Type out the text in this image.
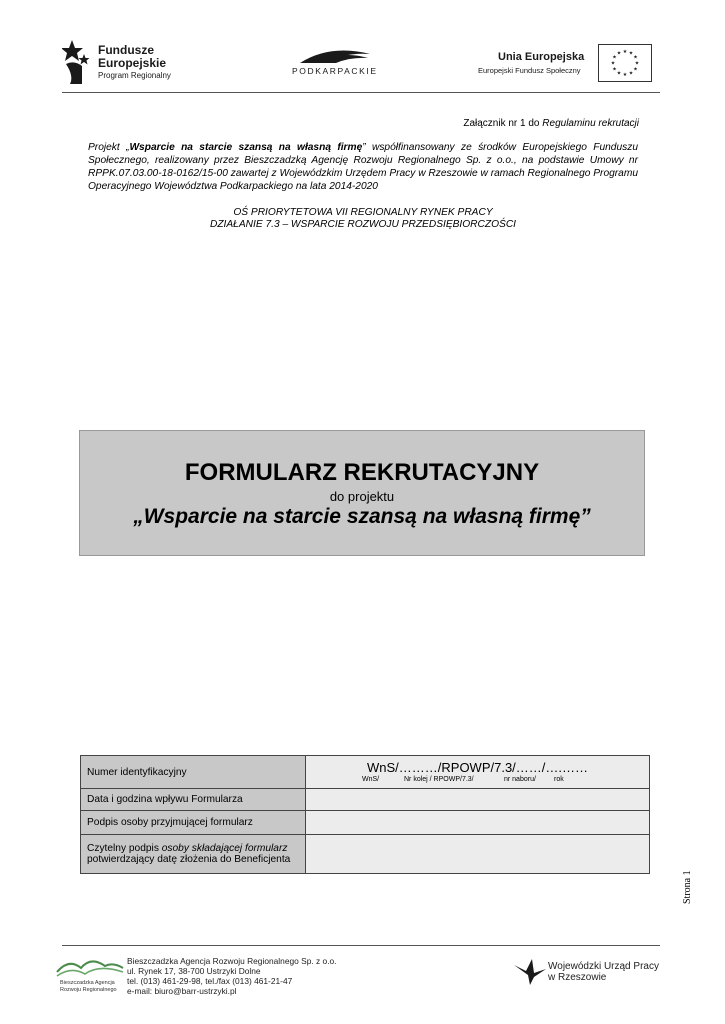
Fundusze
Europejskie
Program Regionalny	PODKARPACKIE
Unia Europejska
Europejski Fundusz Społeczny
★ ★
★
★
★
★
★
★
★
★
★
★
Załącznik nr 1 do Regulaminu rekrutacji
Projekt „Wsparcie na starcie szansą na własną firmę” współfinansowany ze środków Europejskiego Funduszu Społecznego, realizowany przez Bieszczadzką Agencję Rozwoju Regionalnego Sp. z o.o., na podstawie Umowy nr RPPK.07.03.00-18-0162/15-00 zawartej z Wojewódzkim Urzędem Pracy w Rzeszowie w ramach Regionalnego Programu Operacyjnego Województwa Podkarpackiego na lata 2014-2020
OŚ PRIORYTETOWA VII REGIONALNY RYNEK PRACY
DZIAŁANIE 7.3 – WSPARCIE ROZWOJU PRZEDSIĘBIORCZOŚCI
FORMULARZ REKRUTACYJNY
do projektu
„Wsparcie na starcie szansą na własną firmę”
Numer identyfikacyjny	WnS/………/RPOWP/7.3/……/….……
WnS/ Nr kolej / RPOWP/7.3/ nr naboru/ rok

Data i godzina wpływu Formularza	
Podpis osoby przyjmującej formularz	
Czytelny podpis osoby składającej formularz potwierdzający datę złożenia do Beneficjenta	
Strona 1
Bieszczadzka Agencja
Rozwoju Regionalnego
Bieszczadzka Agencja Rozwoju Regionalnego Sp. z o.o.
ul. Rynek 17, 38-700 Ustrzyki Dolne
tel. (013) 461-29-98, tel./fax (013) 461-21-47
e-mail: biuro@barr-ustrzyki.pl
Wojewódzki Urząd Pracy
w Rzeszowie
